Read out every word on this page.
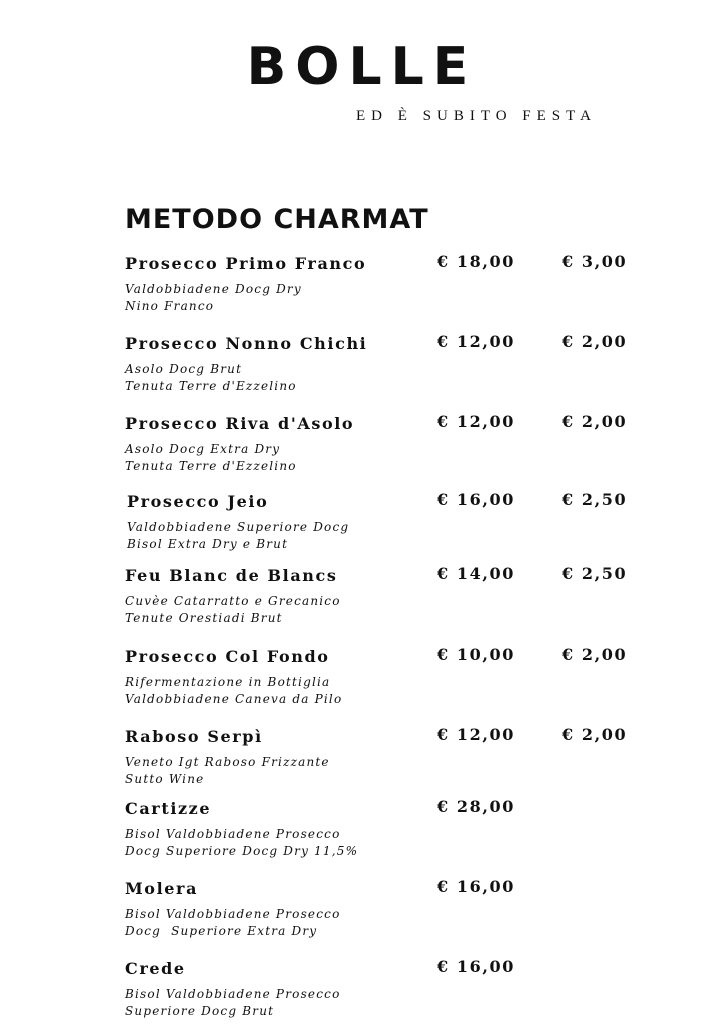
BOLLE
ED È SUBITO FESTA
METODO CHARMAT
Prosecco Primo Franco	€ 18,00	€ 3,00
Valdobbiadene Docg Dry
Nino Franco
Prosecco Nonno Chichi	€ 12,00	€ 2,00
Asolo Docg Brut
Tenuta Terre d'Ezzelino
Prosecco Riva d'Asolo	€ 12,00	€ 2,00
Asolo Docg Extra Dry
Tenuta Terre d'Ezzelino
Prosecco Jeio	€ 16,00	€ 2,50
Valdobbiadene Superiore Docg
Bisol Extra Dry e Brut
Feu Blanc de Blancs	€ 14,00	€ 2,50
Cuvèe Catarratto e Grecanico
Tenute Orestiadi Brut
Prosecco Col Fondo	€ 10,00	€ 2,00
Rifermentazione in Bottiglia
Valdobbiadene Caneva da Pilo
Raboso Serpì	€ 12,00	€ 2,00
Veneto Igt Raboso Frizzante
Sutto Wine
Cartizze	€ 28,00
Bisol Valdobbiadene Prosecco
Docg Superiore Docg Dry 11,5%
Molera	€ 16,00
Bisol Valdobbiadene Prosecco
Docg  Superiore Extra Dry
Crede	€ 16,00
Bisol Valdobbiadene Prosecco
Superiore Docg Brut
